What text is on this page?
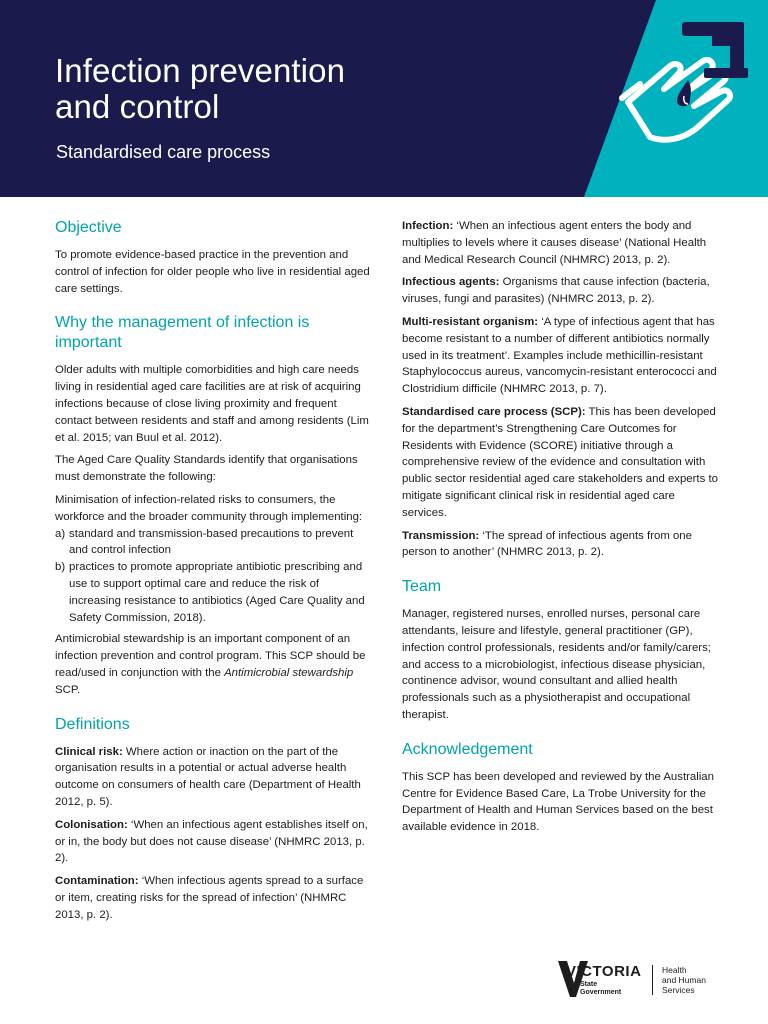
Infection prevention
and control
Standardised care process
Objective

To promote evidence-based practice in the prevention and control of infection for older people who live in residential aged care settings.

Why the management of infection is important

Older adults with multiple comorbidities and high care needs living in residential aged care facilities are at risk of acquiring infections because of close living proximity and frequent contact between residents and staff and among residents (Lim et al. 2015; van Buul et al. 2012).

The Aged Care Quality Standards identify that organisations must demonstrate the following:

Minimisation of infection-related risks to consumers, the workforce and the broader community through implementing:

a) standard and transmission-based precautions to prevent and control infection
b) practices to promote appropriate antibiotic prescribing and use to support optimal care and reduce the risk of increasing resistance to antibiotics (Aged Care Quality and Safety Commission, 2018).

Antimicrobial stewardship is an important component of an infection prevention and control program. This SCP should be read/used in conjunction with the Antimicrobial stewardship SCP.

Definitions

Clinical risk: Where action or inaction on the part of the organisation results in a potential or actual adverse health outcome on consumers of health care (Department of Health 2012, p. 5).

Colonisation: ‘When an infectious agent establishes itself on, or in, the body but does not cause disease’ (NHMRC 2013, p. 2).

Contamination: ‘When infectious agents spread to a surface or item, creating risks for the spread of infection’ (NHMRC 2013, p. 2).

Infection: ‘When an infectious agent enters the body and multiplies to levels where it causes disease’ (National Health and Medical Research Council (NHMRC) 2013, p. 2).

Infectious agents: Organisms that cause infection (bacteria, viruses, fungi and parasites) (NHMRC 2013, p. 2).

Multi-resistant organism: ‘A type of infectious agent that has become resistant to a number of different antibiotics normally used in its treatment’. Examples include methicillin-resistant Staphylococcus aureus, vancomycin-resistant enterococci and Clostridium difficile (NHMRC 2013, p. 7).

Standardised care process (SCP): This has been developed for the department’s Strengthening Care Outcomes for Residents with Evidence (SCORE) initiative through a comprehensive review of the evidence and consultation with public sector residential aged care stakeholders and experts to mitigate significant clinical risk in residential aged care services.

Transmission: ‘The spread of infectious agents from one person to another’ (NHMRC 2013, p. 2).

Team

Manager, registered nurses, enrolled nurses, personal care attendants, leisure and lifestyle, general practitioner (GP), infection control professionals, residents and/or family/carers; and access to a microbiologist, infectious disease physician, continence advisor, wound consultant and allied health professionals such as a physiotherapist and occupational therapist.

Acknowledgement

This SCP has been developed and reviewed by the Australian Centre for Evidence Based Care, La Trobe University for the Department of Health and Human Services based on the best available evidence in 2018.

VICTORIA
State
Government
Health
and Human
Services
